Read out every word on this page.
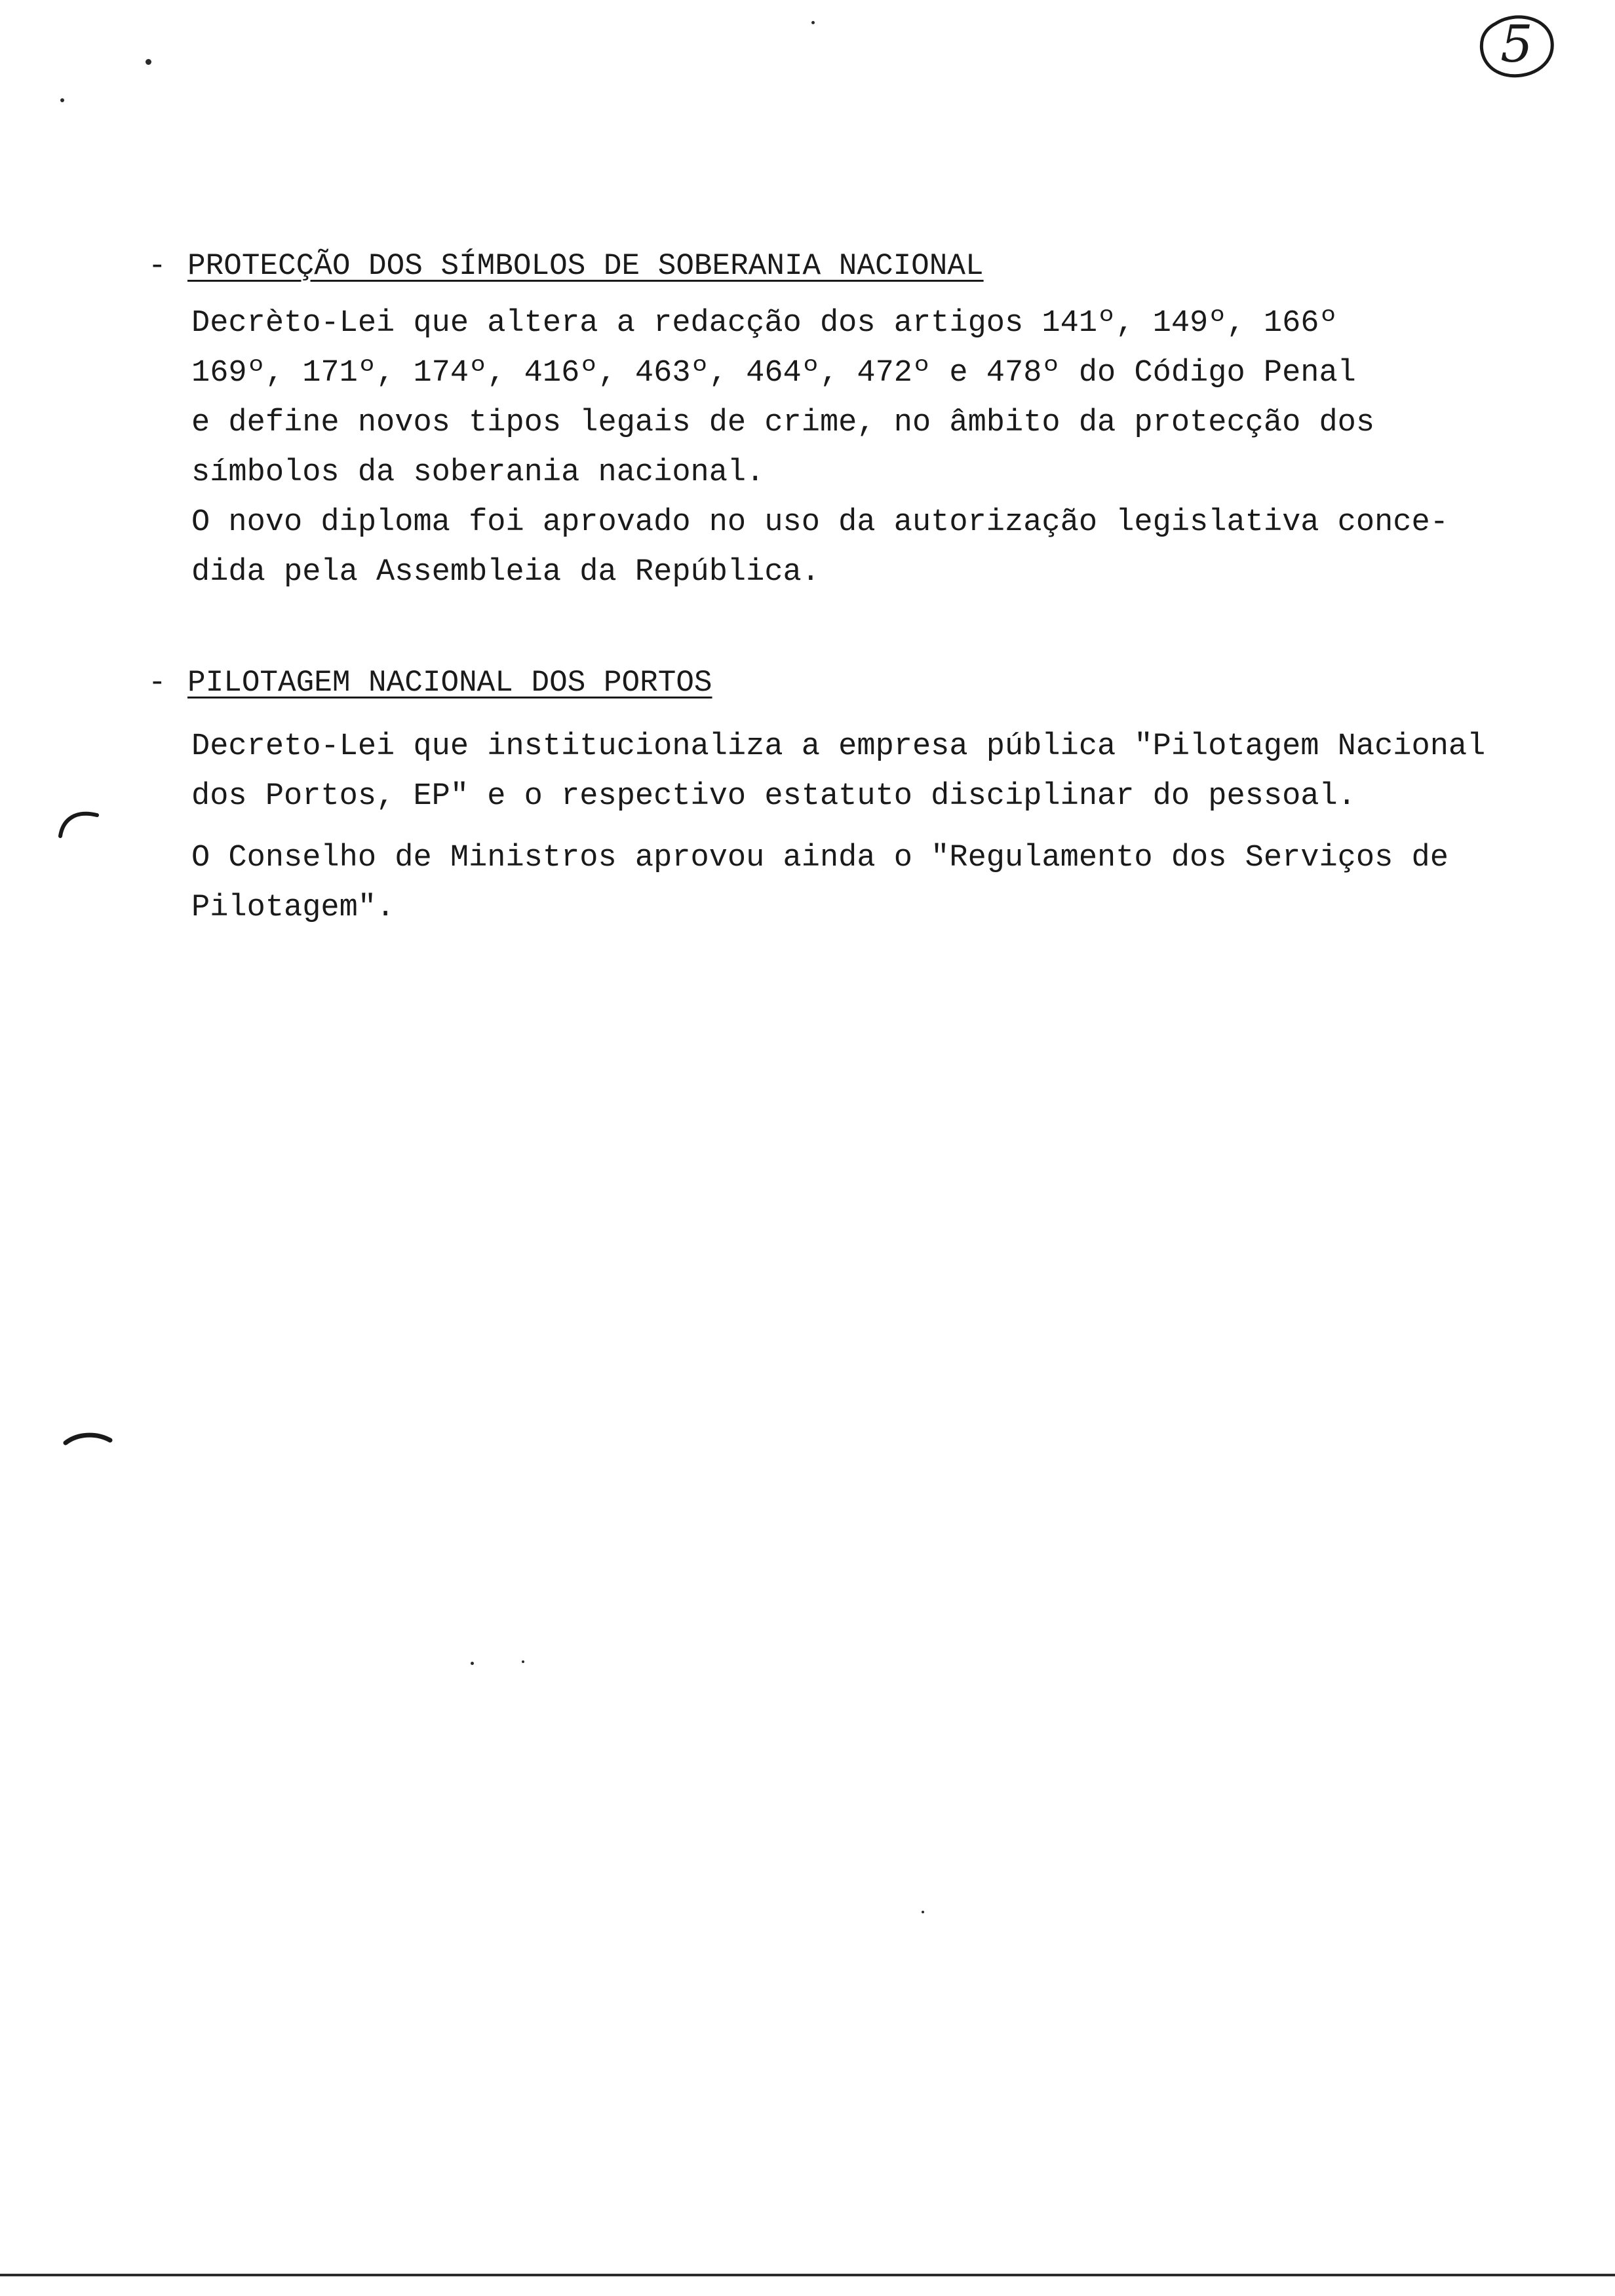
5
- PROTECÇÃO DOS SÍMBOLOS DE SOBERANIA NACIONAL

Decrèto-Lei que altera a redacção dos artigos 141º, 149º, 166º

169º, 171º, 174º, 416º, 463º, 464º, 472º e 478º do Código Penal

e define novos tipos legais de crime, no âmbito da protecção dos

símbolos da soberania nacional.

O novo diploma foi aprovado no uso da autorização legislativa conce-

dida pela Assembleia da República.

- PILOTAGEM NACIONAL DOS PORTOS

Decreto-Lei que institucionaliza a empresa pública "Pilotagem Nacional

dos Portos, EP" e o respectivo estatuto disciplinar do pessoal.

O Conselho de Ministros aprovou ainda o "Regulamento dos Serviços de

Pilotagem".
